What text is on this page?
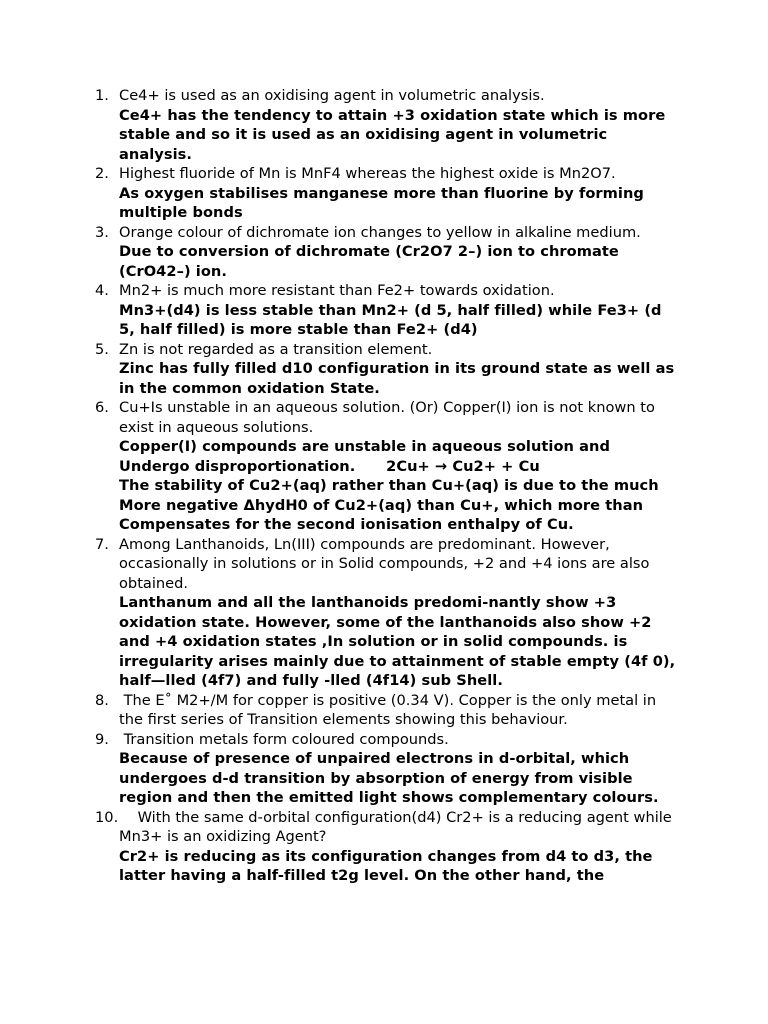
1. Ce4+ is used as an oxidising agent in volumetric analysis.
Ce4+ has the tendency to attain +3 oxidation state which is more stable and so it is used as an oxidising agent in volumetric analysis.
2. Highest fluoride of Mn is MnF4 whereas the highest oxide is Mn2O7.
As oxygen stabilises manganese more than fluorine by forming multiple bonds
3. Orange colour of dichromate ion changes to yellow in alkaline medium.
Due to conversion of dichromate (Cr2O7 2–) ion to chromate (CrO42–) ion.
4. Mn2+ is much more resistant than Fe2+ towards oxidation.
Mn3+(d4) is less stable than Mn2+ (d 5, half filled) while Fe3+ (d 5, half filled) is more stable than Fe2+ (d4)
5. Zn is not regarded as a transition element.
Zinc has fully filled d10 configuration in its ground state as well as in the common oxidation State.
6. Cu+Is unstable in an aqueous solution. (Or) Copper(I) ion is not known to exist in aqueous solutions.
Copper(I) compounds are unstable in aqueous solution and Undergo disproportionation.      2Cu+ → Cu2+ + Cu
The stability of Cu2+(aq) rather than Cu+(aq) is due to the much More negative ΔhydH0 of Cu2+(aq) than Cu+, which more than Compensates for the second ionisation enthalpy of Cu.
7. Among Lanthanoids, Ln(III) compounds are predominant. However, occasionally in solutions or in Solid compounds, +2 and +4 ions are also obtained.
Lanthanum and all the lanthanoids predomi-nantly show +3 oxidation state. However, some of the lanthanoids also show +2 and +4 oxidation states ,In solution or in solid compounds. is irregularity arises mainly due to attainment of stable empty (4f 0), half—lled (4f7) and fully -lled (4f14) sub Shell.
8. The E˚ M2+/M for copper is positive (0.34 V). Copper is the only metal in the first series of Transition elements showing this behaviour.
9. Transition metals form coloured compounds.
Because of presence of unpaired electrons in d-orbital, which undergoes d-d transition by absorption of energy from visible region and then the emitted light shows complementary colours.
10. With the same d-orbital configuration(d4) Cr2+ is a reducing agent while Mn3+ is an oxidizing Agent?
Cr2+ is reducing as its configuration changes from d4 to d3, the latter having a half-filled t2g level. On the other hand, the
